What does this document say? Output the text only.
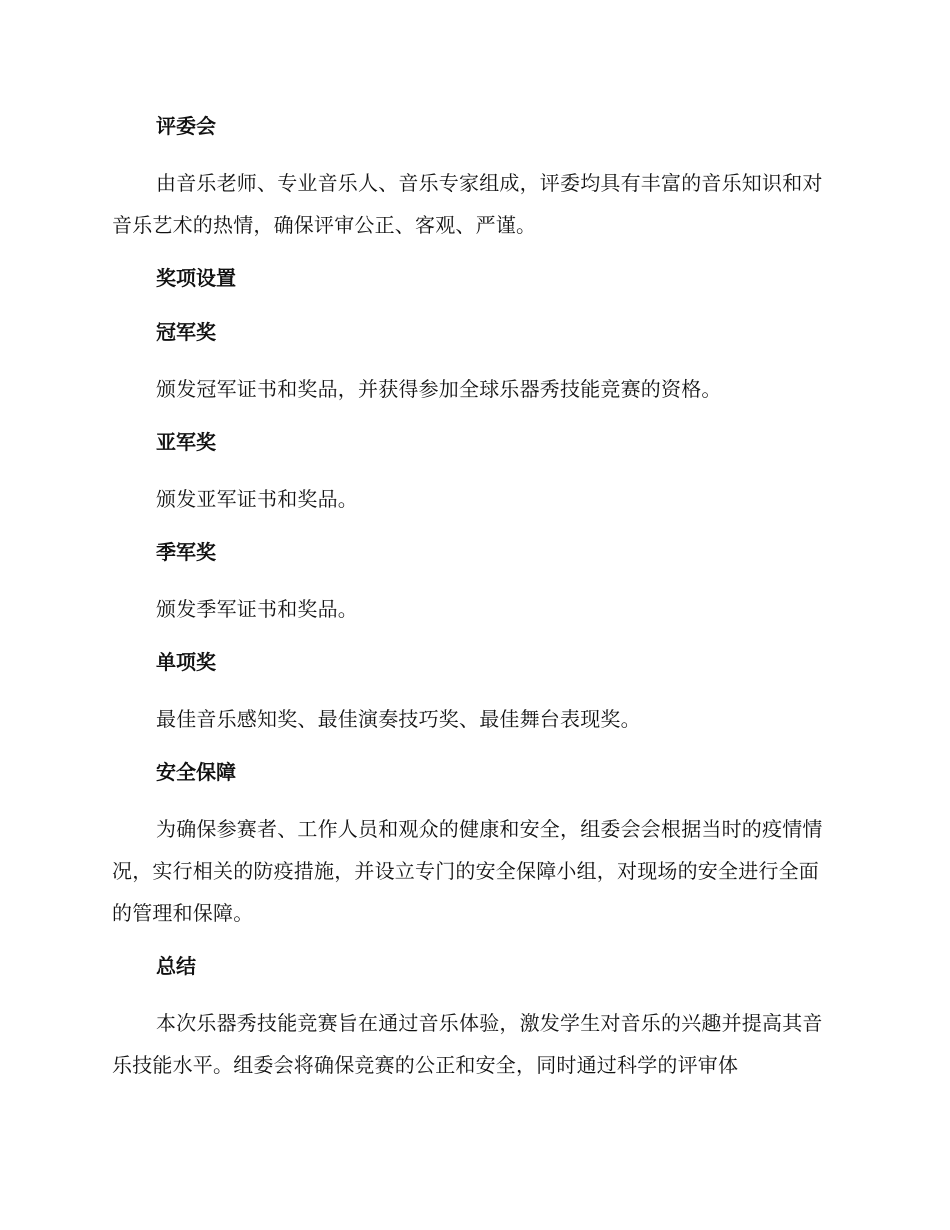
评委会

由音乐老师、专业音乐人、音乐专家组成，评委均具有丰富的音乐知识和对音乐艺术的热情，确保评审公正、客观、严谨。

奖项设置
冠军奖

颁发冠军证书和奖品，并获得参加全球乐器秀技能竞赛的资格。

亚军奖

颁发亚军证书和奖品。

季军奖

颁发季军证书和奖品。

单项奖

最佳音乐感知奖、最佳演奏技巧奖、最佳舞台表现奖。

安全保障

为确保参赛者、工作人员和观众的健康和安全，组委会会根据当时的疫情情况，实行相关的防疫措施，并设立专门的安全保障小组，对现场的安全进行全面的管理和保障。

总结

本次乐器秀技能竞赛旨在通过音乐体验，激发学生对音乐的兴趣并提高其音乐技能水平。组委会将确保竞赛的公正和安全，同时通过科学的评审体
